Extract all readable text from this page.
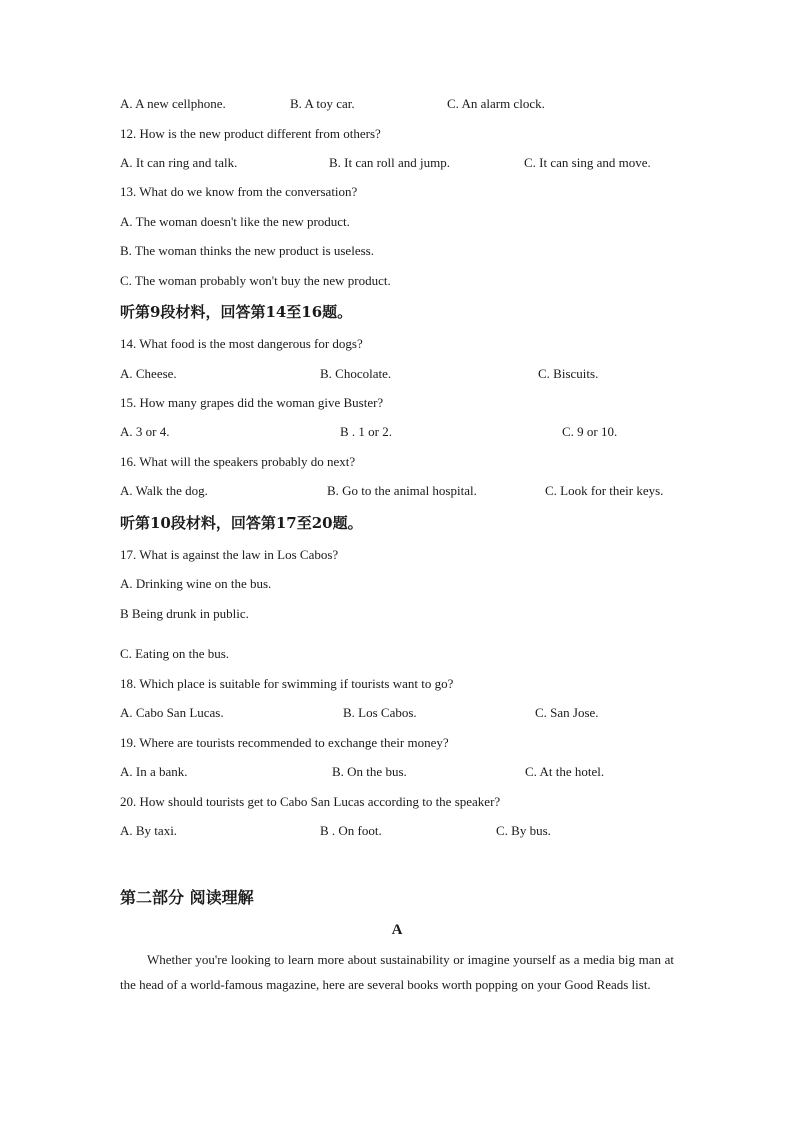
A. A new cellphone.	B. A toy car.	C. An alarm clock.
12. How is the new product different from others?
A. It can ring and talk.	B. It can roll and jump.	C. It can sing and move.
13. What do we know from the conversation?
A. The woman doesn't like the new product.
B. The woman thinks the new product is useless.
C. The woman probably won't buy the new product.
听第9段材料，回答第14至16题。
14. What food is the most dangerous for dogs?
A. Cheese.	B. Chocolate.	C. Biscuits.
15. How many grapes did the woman give Buster?
A. 3 or 4.	B . 1 or 2.	C. 9 or 10.
16. What will the speakers probably do next?
A. Walk the dog.	B. Go to the animal hospital.	C. Look for their keys.
听第10段材料，回答第17至20题。
17. What is against the law in Los Cabos?
A. Drinking wine on the bus.
B Being drunk in public.
C. Eating on the bus.
18. Which place is suitable for swimming if tourists want to go?
A. Cabo San Lucas.	B. Los Cabos.	C. San Jose.
19. Where are tourists recommended to exchange their money?
A. In a bank.	B. On the bus.	C. At the hotel.
20. How should tourists get to Cabo San Lucas according to the speaker?
A. By taxi.	B . On foot.	C. By bus.
第二部分 阅读理解
A
Whether you're looking to learn more about sustainability or imagine yourself as a media big man at the head of a world-famous magazine, here are several books worth popping on your Good Reads list.
